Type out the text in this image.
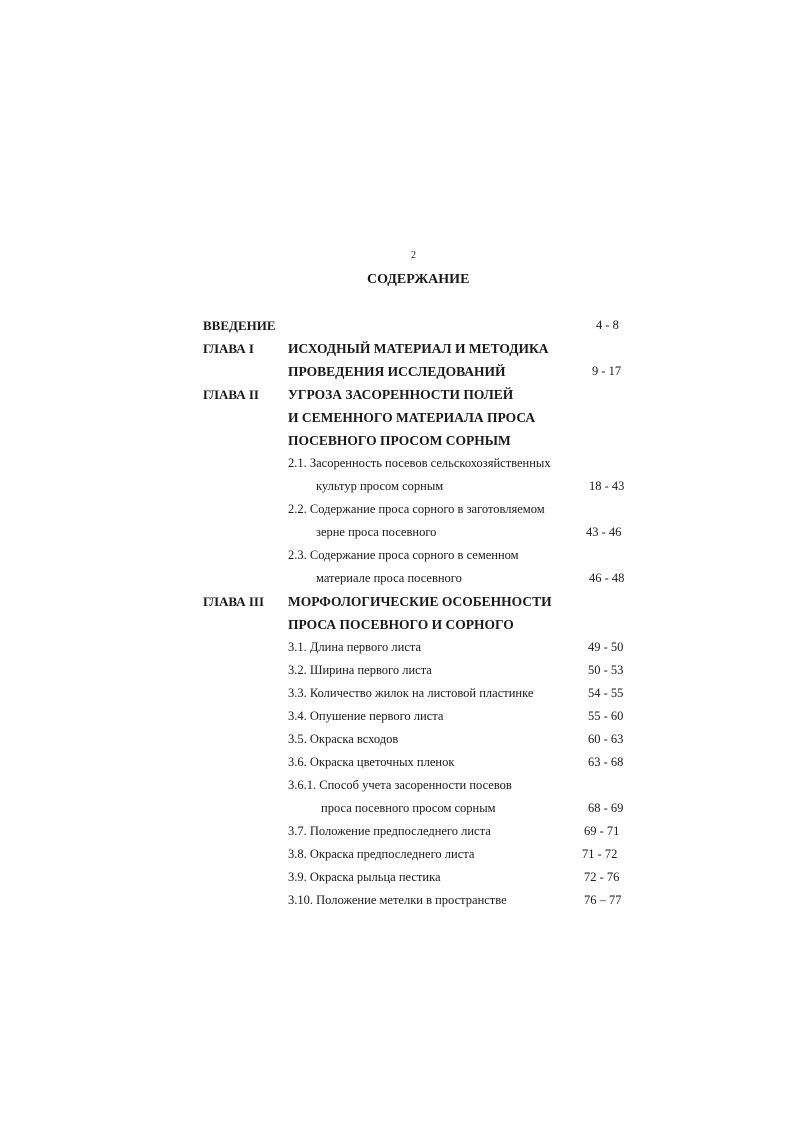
2
СОДЕРЖАНИЕ
ВВЕДЕНИЕ	4 - 8
ГЛАВА I	ИСХОДНЫЙ МАТЕРИАЛ И МЕТОДИКА
ПРОВЕДЕНИЯ ИССЛЕДОВАНИЙ	9 - 17
ГЛАВА II УГРОЗА ЗАСОРЕННОСТИ ПОЛЕЙ
И СЕМЕННОГО МАТЕРИАЛА ПРОСА
ПОСЕВНОГО ПРОСОМ СОРНЫМ
2.1. Засоренность посевов сельскохозяйственных
культур просом сорным	18 - 43
2.2. Содержание проса сорного в заготовляемом
зерне проса посевного	43 - 46
2.3. Содержание проса сорного в семенном
материале проса посевного	46 - 48
ГЛАВА III МОРФОЛОГИЧЕСКИЕ ОСОБЕННОСТИ
ПРОСА ПОСЕВНОГО И СОРНОГО
3.1. Длина первого листа	49 - 50
3.2. Ширина первого листа	50 - 53
3.3. Количество жилок на листовой пластинке	54 - 55
3.4. Опушение первого листа	55 - 60
3.5. Окраска всходов	60 - 63
3.6. Окраска цветочных пленок	63 - 68
3.6.1. Способ учета засоренности посевов
проса посевного просом сорным	68 - 69
3.7. Положение предпоследнего листа	69 - 71
3.8. Окраска предпоследнего листа	71 - 72
3.9. Окраска рыльца пестика	72 - 76
3.10. Положение метелки в пространстве	76 – 77
